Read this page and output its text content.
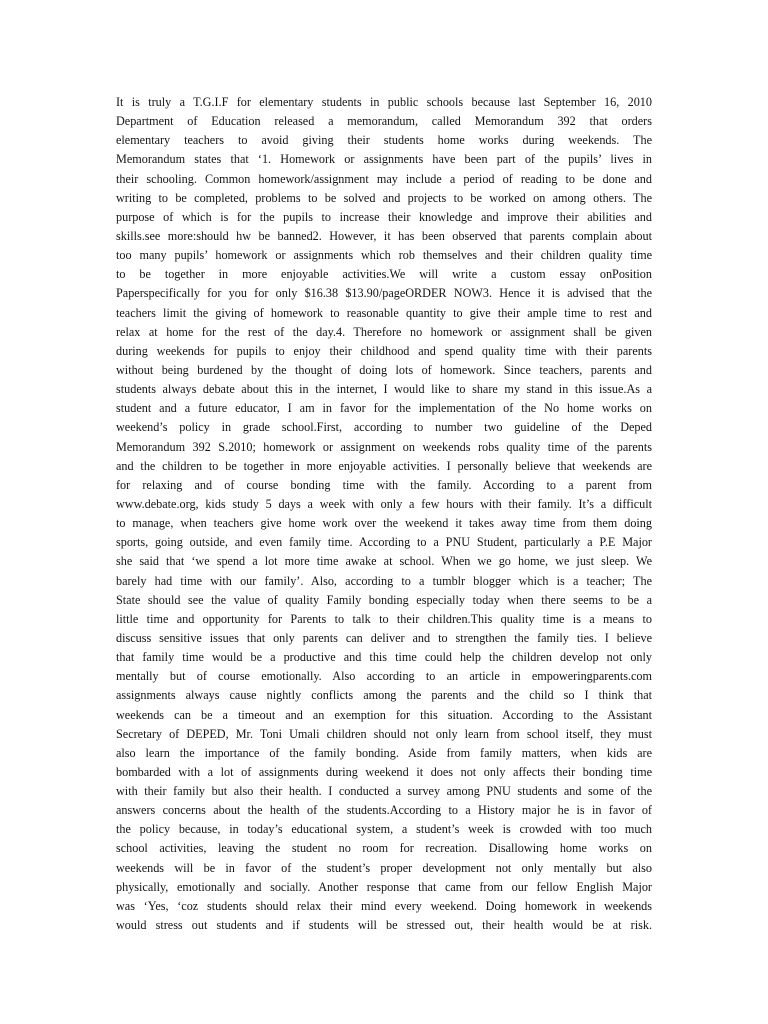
It is truly a T.G.I.F for elementary students in public schools because last September 16, 2010
Department of Education released a memorandum, called Memorandum 392 that orders
elementary teachers to avoid giving their students home works during weekends. The
Memorandum states that ‘1. Homework or assignments have been part of the pupils’ lives in
their schooling. Common homework/assignment may include a period of reading to be done and
writing to be completed, problems to be solved and projects to be worked on among others. The
purpose of which is for the pupils to increase their knowledge and improve their abilities and
skills.see more:should hw be banned2. However, it has been observed that parents complain about
too many pupils’ homework or assignments which rob themselves and their children quality time
to be together in more enjoyable activities.We will write a custom essay onPosition
Paperspecifically for you for only $16.38 $13.90/pageORDER NOW3. Hence it is advised that the
teachers limit the giving of homework to reasonable quantity to give their ample time to rest and
relax at home for the rest of the day.4. Therefore no homework or assignment shall be given
during weekends for pupils to enjoy their childhood and spend quality time with their parents
without being burdened by the thought of doing lots of homework. Since teachers, parents and
students always debate about this in the internet, I would like to share my stand in this issue.As a
student and a future educator, I am in favor for the implementation of the No home works on
weekend’s policy in grade school.First, according to number two guideline of the Deped
Memorandum 392 S.2010; homework or assignment on weekends robs quality time of the parents
and the children to be together in more enjoyable activities. I personally believe that weekends are
for relaxing and of course bonding time with the family. According to a parent from
www.debate.org, kids study 5 days a week with only a few hours with their family. It’s a difficult
to manage, when teachers give home work over the weekend it takes away time from them doing
sports, going outside, and even family time. According to a PNU Student, particularly a P.E Major
she said that ‘we spend a lot more time awake at school. When we go home, we just sleep. We
barely had time with our family’. Also, according to a tumblr blogger which is a teacher; The
State should see the value of quality Family bonding especially today when there seems to be a
little time and opportunity for Parents to talk to their children.This quality time is a means to
discuss sensitive issues that only parents can deliver and to strengthen the family ties. I believe
that family time would be a productive and this time could help the children develop not only
mentally but of course emotionally. Also according to an article in empoweringparents.com
assignments always cause nightly conflicts among the parents and the child so I think that
weekends can be a timeout and an exemption for this situation. According to the Assistant
Secretary of DEPED, Mr. Toni Umali children should not only learn from school itself, they must
also learn the importance of the family bonding. Aside from family matters, when kids are
bombarded with a lot of assignments during weekend it does not only affects their bonding time
with their family but also their health. I conducted a survey among PNU students and some of the
answers concerns about the health of the students.According to a History major he is in favor of
the policy because, in today’s educational system, a student’s week is crowded with too much
school activities, leaving the student no room for recreation. Disallowing home works on
weekends will be in favor of the student’s proper development not only mentally but also
physically, emotionally and socially. Another response that came from our fellow English Major
was ‘Yes, ‘coz students should relax their mind every weekend. Doing homework in weekends
would stress out students and if students will be stressed out, their health would be at risk.
